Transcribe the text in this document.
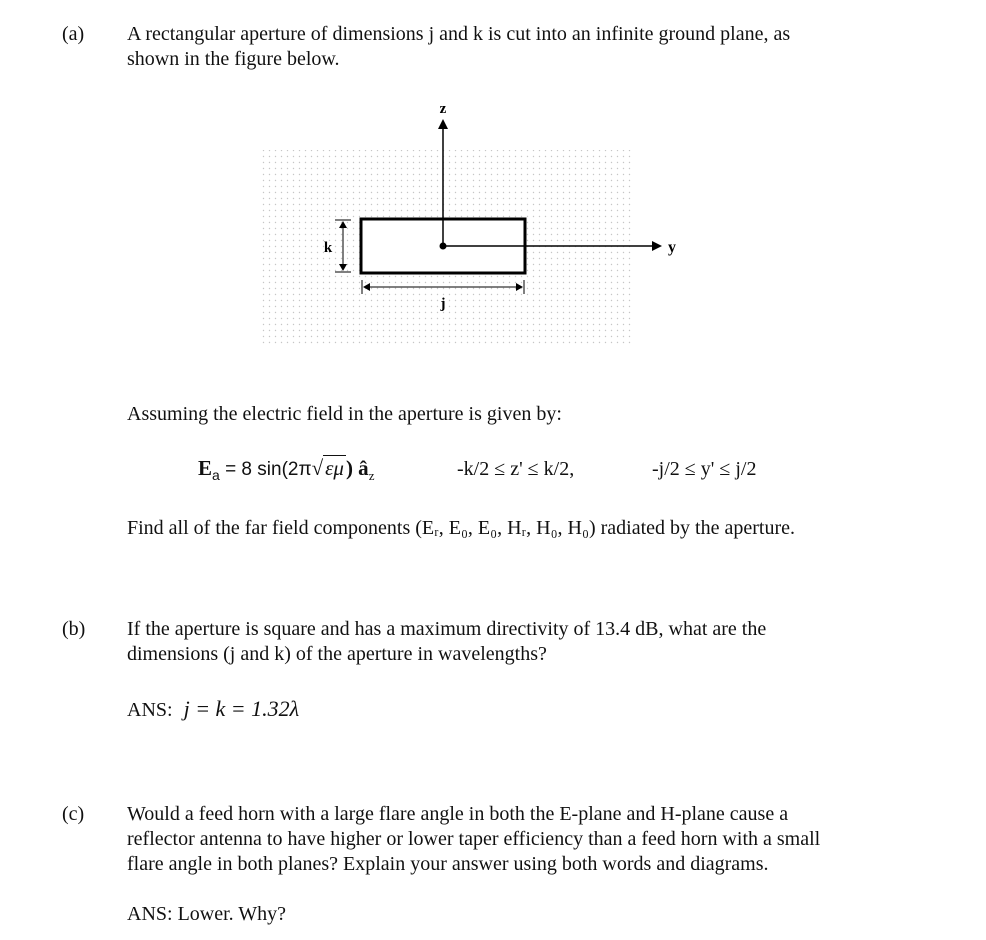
(a) A rectangular aperture of dimensions j and k is cut into an infinite ground plane, as
shown in the figure below.
z
y
k
j
Assuming the electric field in the aperture is given by:
$E_a = 8$ sin(2π√εμ) $â_z$	-k/2 ≤ z' ≤ k/2,	-j/2 ≤ y' ≤ j/2
Find all of the far field components (Eᵣ, E₀, E₀, Hᵣ, H₀, H₀) radiated by the aperture.
(b) If the aperture is square and has a maximum directivity of 13.4 dB, what are the
dimensions (j and k) of the aperture in wavelengths?
ANS: j = k = 1.32λ
(c) Would a feed horn with a large flare angle in both the E-plane and H-plane cause a
reflector antenna to have higher or lower taper efficiency than a feed horn with a small
flare angle in both planes? Explain your answer using both words and diagrams.
ANS: Lower. Why?
